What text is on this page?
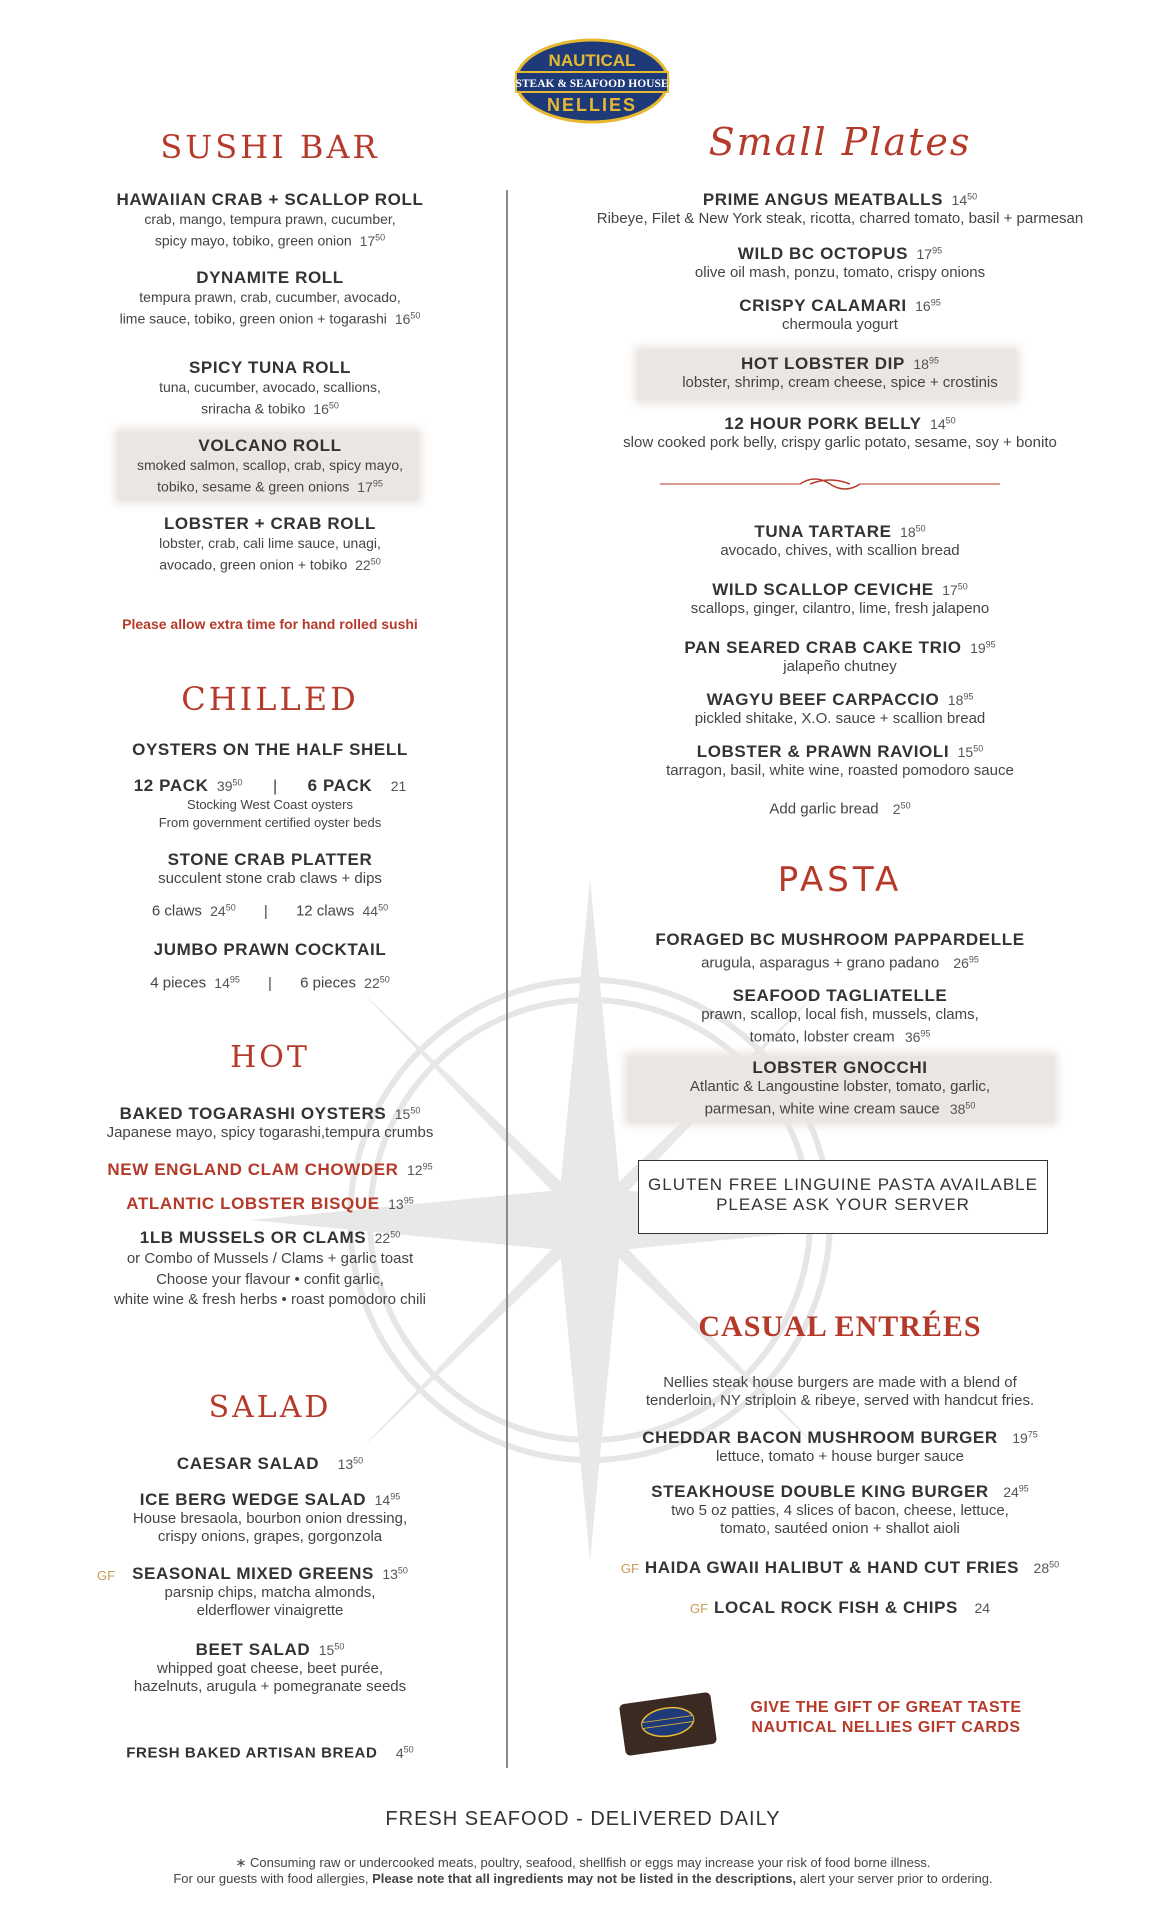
NAUTICAL
STEAK & SEAFOOD HOUSE
NELLIES
SUSHI BAR
HAWAIIAN CRAB + SCALLOP ROLL
crab, mango, tempura prawn, cucumber,
spicy mayo, tobiko, green onion $17^{50}$
DYNAMITE ROLL
tempura prawn, crab, cucumber, avocado,
lime sauce, tobiko, green onion + togarashi $16^{50}$
SPICY TUNA ROLL
tuna, cucumber, avocado, scallions,
sriracha & tobiko $16^{50}$
VOLCANO ROLL
smoked salmon, scallop, crab, spicy mayo,
tobiko, sesame & green onions $17^{95}$
LOBSTER + CRAB ROLL
lobster, crab, cali lime sauce, unagi,
avocado, green onion + tobiko $22^{50}$
Please allow extra time for hand rolled sushi
CHILLED
OYSTERS ON THE HALF SHELL
12 PACK $39^{50}$ | 6 PACK 21
Stocking West Coast oysters
From government certified oyster beds
STONE CRAB PLATTER
succulent stone crab claws + dips
6 claws $24^{50}$ | 12 claws $44^{50}$
JUMBO PRAWN COCKTAIL
4 pieces $14^{95}$ | 6 pieces $22^{50}$
HOT
BAKED TOGARASHI OYSTERS $15^{50}$
Japanese mayo, spicy togarashi,tempura crumbs
NEW ENGLAND CLAM CHOWDER $12^{95}$
ATLANTIC LOBSTER BISQUE $13^{95}$
1LB MUSSELS OR CLAMS $22^{50}$
or Combo of Mussels / Clams + garlic toast
Choose your flavour • confit garlic,
white wine & fresh herbs • roast pomodoro chili
SALAD
CAESAR SALAD $13^{50}$
ICE BERG WEDGE SALAD $14^{95}$
House bresaola, bourbon onion dressing,
crispy onions, grapes, gorgonzola
GF	SEASONAL MIXED GREENS $13^{50}$
parsnip chips, matcha almonds,
elderflower vinaigrette
BEET SALAD $15^{50}$
whipped goat cheese, beet purée,
hazelnuts, arugula + pomegranate seeds
FRESH BAKED ARTISAN BREAD $4^{50}$
Small Plates
PRIME ANGUS MEATBALLS $14^{50}$
Ribeye, Filet & New York steak, ricotta, charred tomato, basil + parmesan
WILD BC OCTOPUS $17^{95}$
olive oil mash, ponzu, tomato, crispy onions
CRISPY CALAMARI $16^{95}$
chermoula yogurt
HOT LOBSTER DIP $18^{95}$
lobster, shrimp, cream cheese, spice + crostinis
12 HOUR PORK BELLY $14^{50}$
slow cooked pork belly, crispy garlic potato, sesame, soy + bonito
TUNA TARTARE $18^{50}$
avocado, chives, with scallion bread
WILD SCALLOP CEVICHE $17^{50}$
scallops, ginger, cilantro, lime, fresh jalapeno
PAN SEARED CRAB CAKE TRIO $19^{95}$
jalapeño chutney
WAGYU BEEF CARPACCIO $18^{95}$
pickled shitake, X.O. sauce + scallion bread
LOBSTER & PRAWN RAVIOLI $15^{50}$
tarragon, basil, white wine, roasted pomodoro sauce
Add garlic bread $2^{50}$
PASTA
FORAGED BC MUSHROOM PAPPARDELLE
arugula, asparagus + grano padano $26^{95}$
SEAFOOD TAGLIATELLE
prawn, scallop, local fish, mussels, clams,
tomato, lobster cream $36^{95}$
LOBSTER GNOCCHI
Atlantic & Langoustine lobster, tomato, garlic,
parmesan, white wine cream sauce $38^{50}$
GLUTEN FREE LINGUINE PASTA AVAILABLE
PLEASE ASK YOUR SERVER
CASUAL ENTRÉES
Nellies steak house burgers are made with a blend of
tenderloin, NY striploin & ribeye, served with handcut fries.
CHEDDAR BACON MUSHROOM BURGER $19^{75}$
lettuce, tomato + house burger sauce
STEAKHOUSE DOUBLE KING BURGER $24^{95}$
two 5 oz patties, 4 slices of bacon, cheese, lettuce,
tomato, sautéed onion + shallot aioli
GF HAIDA GWAII HALIBUT & HAND CUT FRIES $28^{50}$
GF LOCAL ROCK FISH & CHIPS 24
GIVE THE GIFT OF GREAT TASTE
NAUTICAL NELLIES GIFT CARDS
FRESH SEAFOOD - DELIVERED DAILY
∗ Consuming raw or undercooked meats, poultry, seafood, shellfish or eggs may increase your risk of food borne illness.
For our guests with food allergies, Please note that all ingredients may not be listed in the descriptions, alert your server prior to ordering.
